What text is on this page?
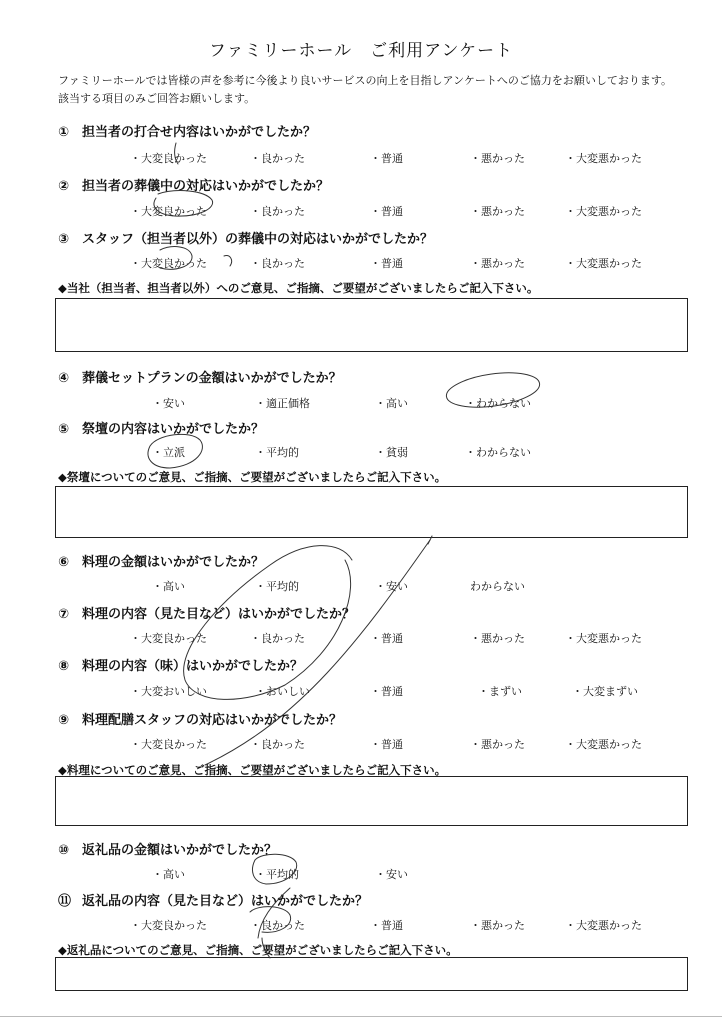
ファミリーホール　ご利用アンケート
ファミリーホールでは皆様の声を参考に今後より良いサービスの向上を目指しアンケートへのご協力をお願いしております。
該当する項目のみご回答お願いします。
① 担当者の打合せ内容はいかがでしたか？
・大変良かった	・良かった	・普通	・悪かった	・大変悪かった
② 担当者の葬儀中の対応はいかがでしたか？
・大変良かった	・良かった	・普通	・悪かった	・大変悪かった
③ スタッフ（担当者以外）の葬儀中の対応はいかがでしたか？
・大変良かった	・良かった	・普通	・悪かった	・大変悪かった
◆当社（担当者、担当者以外）へのご意見、ご指摘、ご要望がございましたらご記入下さい。
④ 葬儀セットプランの金額はいかがでしたか？
・安い	・適正価格	・高い	・わからない
⑤ 祭壇の内容はいかがでしたか？
・立派	・平均的	・貧弱	・わからない
◆祭壇についてのご意見、ご指摘、ご要望がございましたらご記入下さい。
⑥ 料理の金額はいかがでしたか？
・高い	・平均的	・安い	わからない
⑦ 料理の内容（見た目など）はいかがでしたか？
・大変良かった	・良かった	・普通	・悪かった	・大変悪かった
⑧ 料理の内容（味）はいかがでしたか？
・大変おいしい	・おいしい	・普通	・まずい	・大変まずい
⑨ 料理配膳スタッフの対応はいかがでしたか？
・大変良かった	・良かった	・普通	・悪かった	・大変悪かった
◆料理についてのご意見、ご指摘、ご要望がございましたらご記入下さい。
⑩ 返礼品の金額はいかがでしたか？
・高い	・平均的	・安い
⑪ 返礼品の内容（見た目など）はいかがでしたか？
・大変良かった	・良かった	・普通	・悪かった	・大変悪かった
◆返礼品についてのご意見、ご指摘、ご要望がございましたらご記入下さい。
